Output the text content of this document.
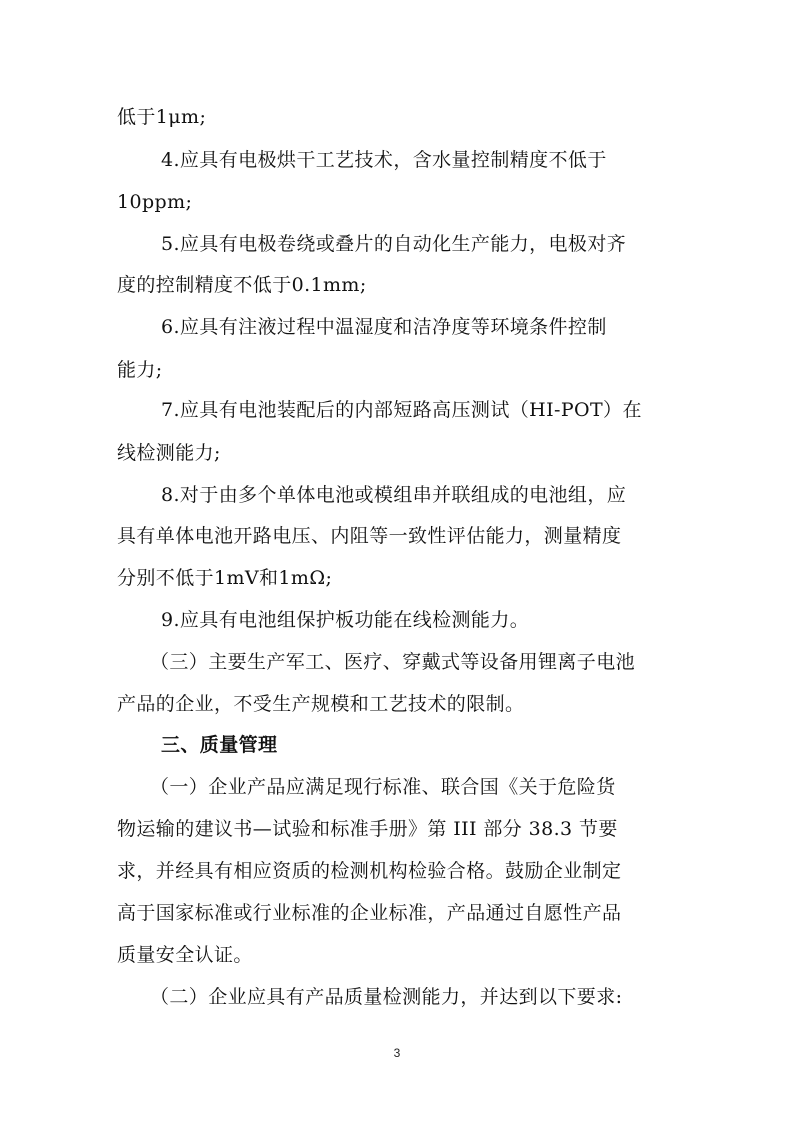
低于1μm;
4.应具有电极烘干工艺技术，含水量控制精度不低于
10ppm;
5.应具有电极卷绕或叠片的自动化生产能力，电极对齐
度的控制精度不低于0.1mm;
6.应具有注液过程中温湿度和洁净度等环境条件控制
能力;
7.应具有电池装配后的内部短路高压测试（HI-POT）在
线检测能力;
8.对于由多个单体电池或模组串并联组成的电池组，应
具有单体电池开路电压、内阻等一致性评估能力，测量精度
分别不低于1mV和1mΩ;
9.应具有电池组保护板功能在线检测能力。
（三）主要生产军工、医疗、穿戴式等设备用锂离子电池
产品的企业，不受生产规模和工艺技术的限制。
三、质量管理
（一）企业产品应满足现行标准、联合国《关于危险货
物运输的建议书—试验和标准手册》第 III 部分 38.3 节要
求，并经具有相应资质的检测机构检验合格。鼓励企业制定
高于国家标准或行业标准的企业标准，产品通过自愿性产品
质量安全认证。
（二）企业应具有产品质量检测能力，并达到以下要求:
3
